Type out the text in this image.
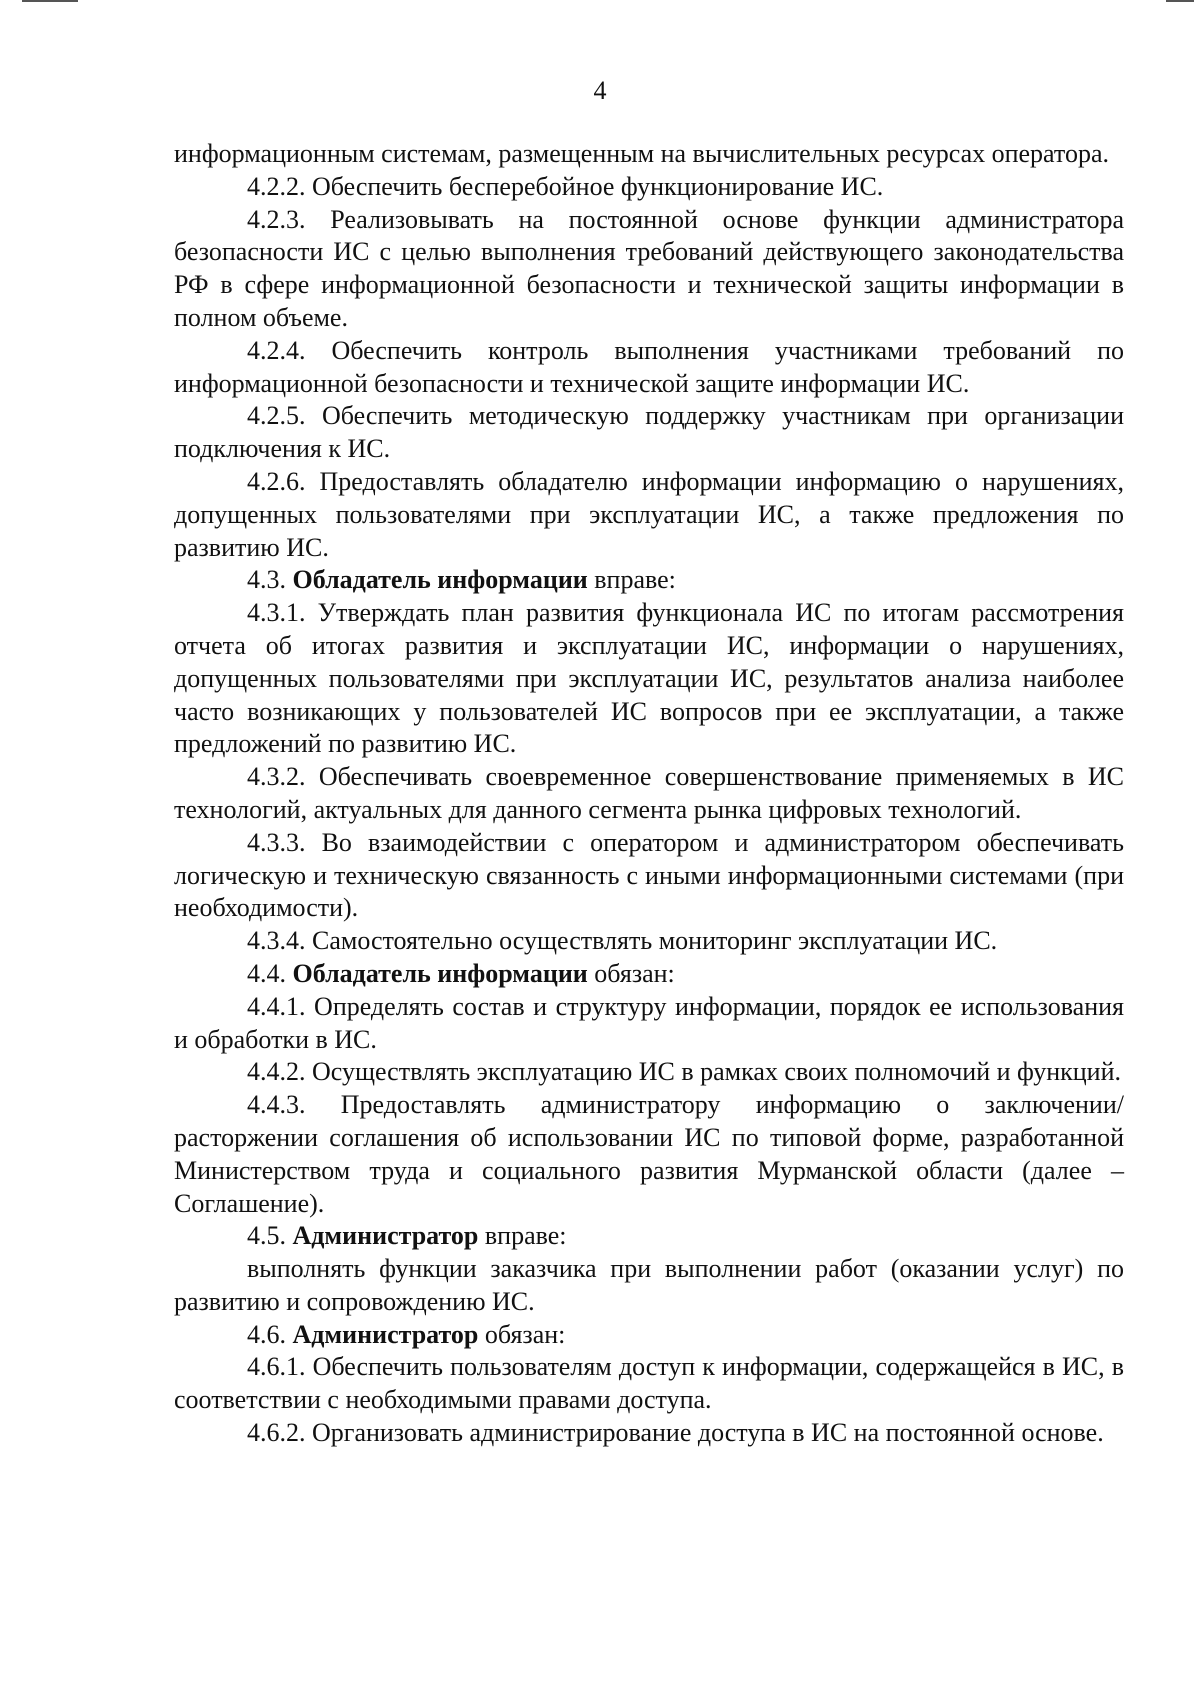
4

информационным системам, размещенным на вычислительных ресурсах оператора.

4.2.2. Обеспечить бесперебойное функционирование ИС.

4.2.3. Реализовывать на постоянной основе функции администратора безопасности ИС с целью выполнения требований действующего законодательства РФ в сфере информационной безопасности и технической защиты информации в полном объеме.

4.2.4. Обеспечить контроль выполнения участниками требований по информационной безопасности и технической защите информации ИС.

4.2.5. Обеспечить методическую поддержку участникам при организации подключения к ИС.

4.2.6. Предоставлять обладателю информации информацию о нарушениях, допущенных пользователями при эксплуатации ИС, а также предложения по развитию ИС.

4.3. Обладатель информации вправе:

4.3.1. Утверждать план развития функционала ИС по итогам рассмотрения отчета об итогах развития и эксплуатации ИС, информации о нарушениях, допущенных пользователями при эксплуатации ИС, результатов анализа наиболее часто возникающих у пользователей ИС вопросов при ее эксплуатации, а также предложений по развитию ИС.

4.3.2. Обеспечивать своевременное совершенствование применяемых в ИС технологий, актуальных для данного сегмента рынка цифровых технологий.

4.3.3. Во взаимодействии с оператором и администратором обеспечивать логическую и техническую связанность с иными информационными системами (при необходимости).

4.3.4. Самостоятельно осуществлять мониторинг эксплуатации ИС.

4.4. Обладатель информации обязан:

4.4.1. Определять состав и структуру информации, порядок ее использования и обработки в ИС.

4.4.2. Осуществлять эксплуатацию ИС в рамках своих полномочий и функций.

4.4.3. Предоставлять администратору информацию о заключении/расторжении соглашения об использовании ИС по типовой форме, разработанной Министерством труда и социального развития Мурманской области (далее – Соглашение).

4.5. Администратор вправе:

выполнять функции заказчика при выполнении работ (оказании услуг) по развитию и сопровождению ИС.

4.6. Администратор обязан:

4.6.1. Обеспечить пользователям доступ к информации, содержащейся в ИС, в соответствии с необходимыми правами доступа.

4.6.2. Организовать администрирование доступа в ИС на постоянной основе.
